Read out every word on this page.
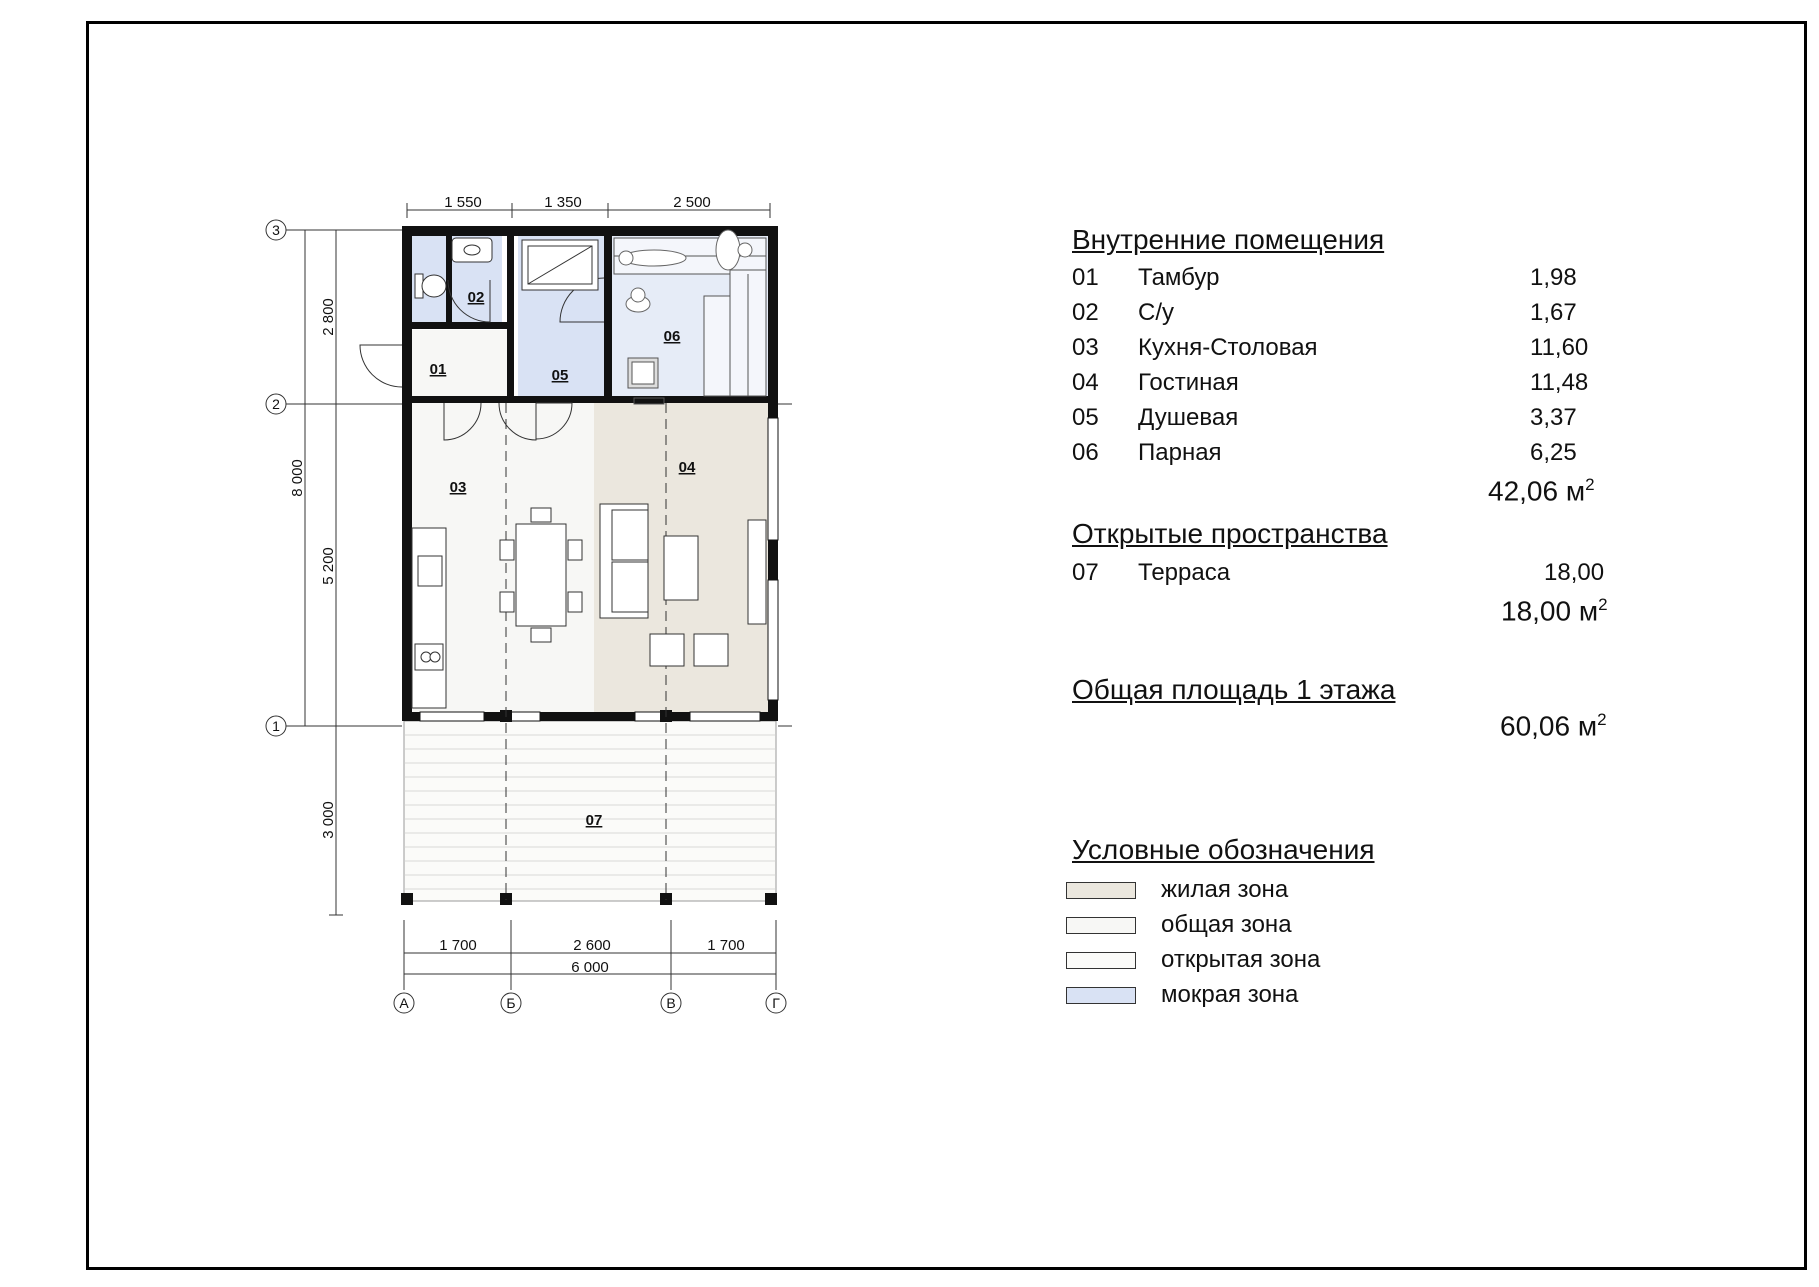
1 550	1 350	2 500
2 800
8 000
5 200
3 000
1 700	2 600	1 700
6 000
3
2
1
А	Б	В	Г
01
02
03
04
05
06
07
Внутренние помещения
01 Тамбур	1,98
02 С/у	1,67
03 Кухня-Столовая	11,60
04 Гостиная	11,48
05 Душевая	3,37
06 Парная	6,25
42,06 $м^2$
Открытые пространства
07 Терраса	18,00
18,00 $м^2$
Общая площадь 1 этажа
60,06 $м^2$
Условные обозначения
жилая зона
общая зона
открытая зона
мокрая зона
